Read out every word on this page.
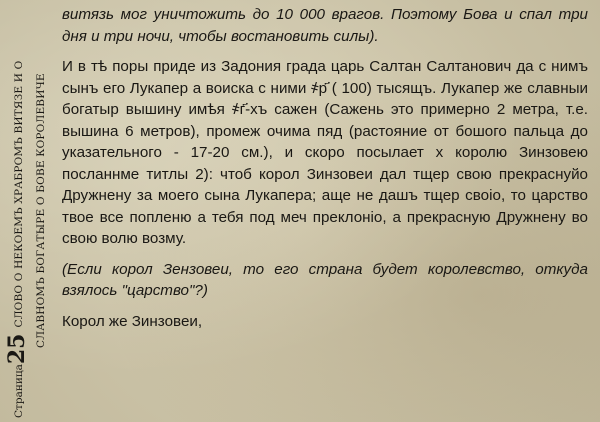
Страница25СЛОВО О НЕКОЕМЪ ХРАБРОМЪ ВИТЯЗЕ И О СЛАВНОМЪ БОГАТЫРЕ О БОВЕ КОРОЛЕВИЧЕ

витязь мог уничтожить до 10 000 врагов. Поэтому Бова и спал три дня и три ночи, чтобы востановить силы).

И в тѣ поры приде из Задония града царь Салтан Салтанович да с нимъ сынъ его Лукапер а воиска с ними ҂р҃ ( 100) тысящъ. Лукапер же славныи богатыр вышину имѣя ҂г҃-хъ сажен (Сажень это примерно 2 метра, т.е. вышина 6 метров), промеж очима пяд (растояние от бошого пальца до указательного - 17-20 см.), и скоро посылает х королю Зинзовею посланнме титлы 2): чтоб корол Зинзовеи дал тщер свою прекраснуйо Дружнену за моего сына Лукапера; аще не дашъ тщер своio, то царство твое все попленю а тебя под меч преклонio, а прекрасную Дружнену во свою волю возму.

(Если корол Зензовеи, то его страна будет королевство, откуда взялось "царство"?)

Корол же Зинзовеи,
